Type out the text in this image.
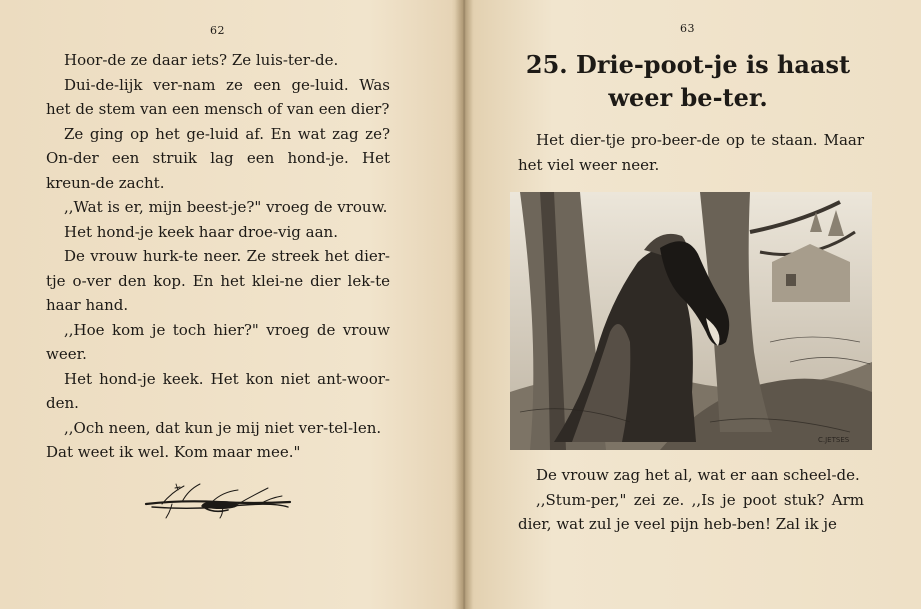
62

Hoor-de ze daar iets? Ze luis-ter-de.

Dui-de-lijk ver-nam ze een ge-luid. Was het de stem van een mensch of van een dier?

Ze ging op het ge-luid af. En wat zag ze? On-der een struik lag een hond-je. Het kreun-de zacht.

,,Wat is er, mijn beest-je?" vroeg de vrouw.

Het hond-je keek haar droe-vig aan.

De vrouw hurk-te neer. Ze streek het dier-tje o-ver den kop. En het klei-ne dier lek-te haar hand.

,,Hoe kom je toch hier?" vroeg de vrouw weer.

Het hond-je keek. Het kon niet ant-woor-den.

,,Och neen, dat kun je mij niet ver-tel-len. Dat weet ik wel. Kom maar mee."

63
25. Drie-poot-je is haast
weer be-ter.

Het dier-tje pro-beer-de op te staan. Maar het viel weer neer.

C.JETSES

De vrouw zag het al, wat er aan scheel-de.

,,Stum-per," zei ze. ,,Is je poot stuk? Arm dier, wat zul je veel pijn heb-ben! Zal ik je
